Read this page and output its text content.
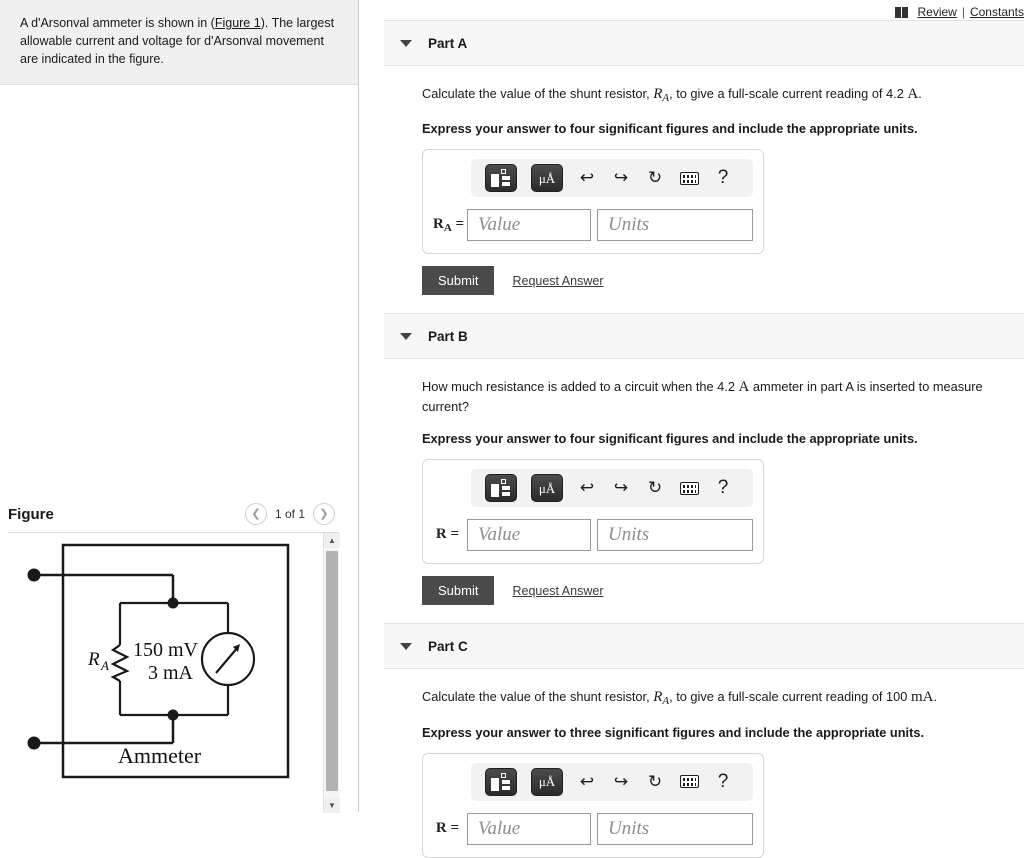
A d'Arsonval ammeter is shown in (Figure 1). The largest allowable current and voltage for d'Arsonval movement are indicated in the figure.
Figure	❮ 1 of 1 ❯
R A
150 mV
3 mA
Ammeter
▲
▼
Review | Constants
Part A
Calculate the value of the shunt resistor, $R_A$, to give a full-scale current reading of 4.2 A.
Express your answer to four significant figures and include the appropriate units.
μÅ ↩ ↪ ↻	?
$R_A$ = Value	Units
Submit	Request Answer
Part B
How much resistance is added to a circuit when the 4.2 A ammeter in part A is inserted to measure current?
Express your answer to four significant figures and include the appropriate units.
μÅ ↩ ↪ ↻	?
R =	Value	Units
Submit	Request Answer
Part C
Calculate the value of the shunt resistor, $R_A$, to give a full-scale current reading of 100 mA.
Express your answer to three significant figures and include the appropriate units.
μÅ ↩ ↪ ↻	?
R =	Value	Units
